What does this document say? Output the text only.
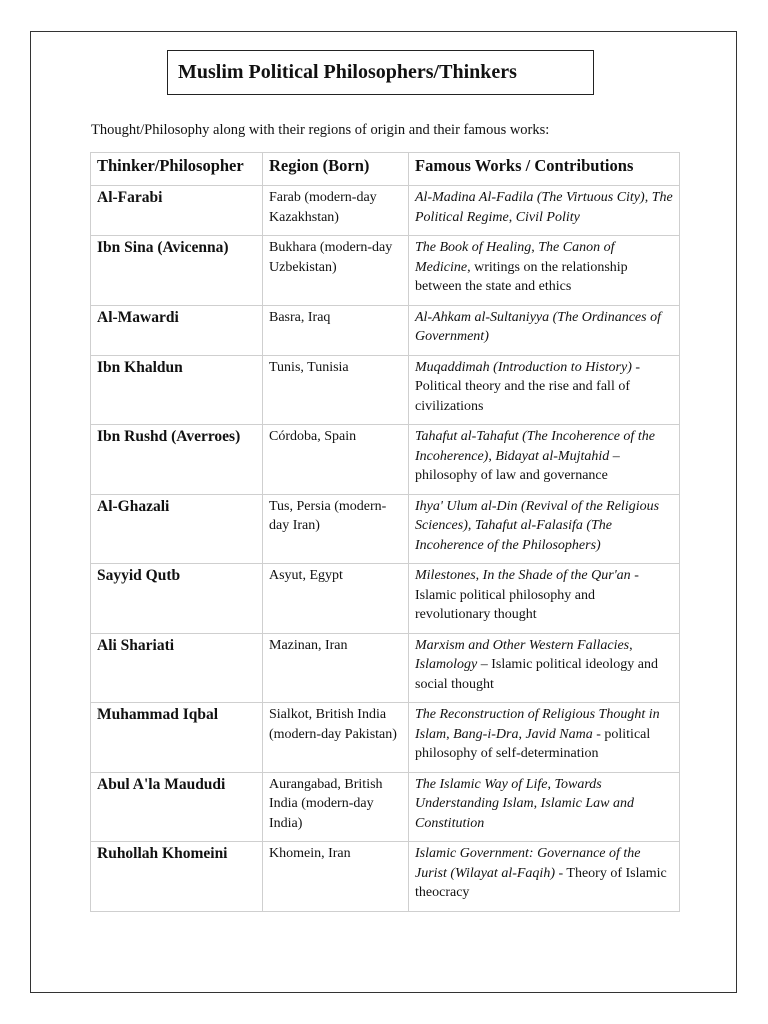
Muslim Political Philosophers/Thinkers
Thought/Philosophy along with their regions of origin and their famous works:
Thinker/Philosopher	Region (Born)	Famous Works / Contributions
Al-Farabi	Farab (modern-day Kazakhstan)	Al-Madina Al-Fadila (The Virtuous City), The Political Regime, Civil Polity
Ibn Sina (Avicenna)	Bukhara (modern-day Uzbekistan)	The Book of Healing, The Canon of Medicine, writings on the relationship between the state and ethics
Al-Mawardi	Basra, Iraq	Al-Ahkam al-Sultaniyya (The Ordinances of Government)
Ibn Khaldun	Tunis, Tunisia	Muqaddimah (Introduction to History) - Political theory and the rise and fall of civilizations
Ibn Rushd (Averroes)	Córdoba, Spain	Tahafut al-Tahafut (The Incoherence of the Incoherence), Bidayat al-Mujtahid – philosophy of law and governance
Al-Ghazali	Tus, Persia (modern-day Iran)	Ihya' Ulum al-Din (Revival of the Religious Sciences), Tahafut al-Falasifa (The Incoherence of the Philosophers)
Sayyid Qutb	Asyut, Egypt	Milestones, In the Shade of the Qur'an - Islamic political philosophy and revolutionary thought
Ali Shariati	Mazinan, Iran	Marxism and Other Western Fallacies, Islamology – Islamic political ideology and social thought
Muhammad Iqbal	Sialkot, British India (modern-day Pakistan)	The Reconstruction of Religious Thought in Islam, Bang-i-Dra, Javid Nama - political philosophy of self-determination
Abul A'la Maududi	Aurangabad, British India (modern-day India)	The Islamic Way of Life, Towards Understanding Islam, Islamic Law and Constitution
Ruhollah Khomeini	Khomein, Iran	Islamic Government: Governance of the Jurist (Wilayat al-Faqih) - Theory of Islamic theocracy
